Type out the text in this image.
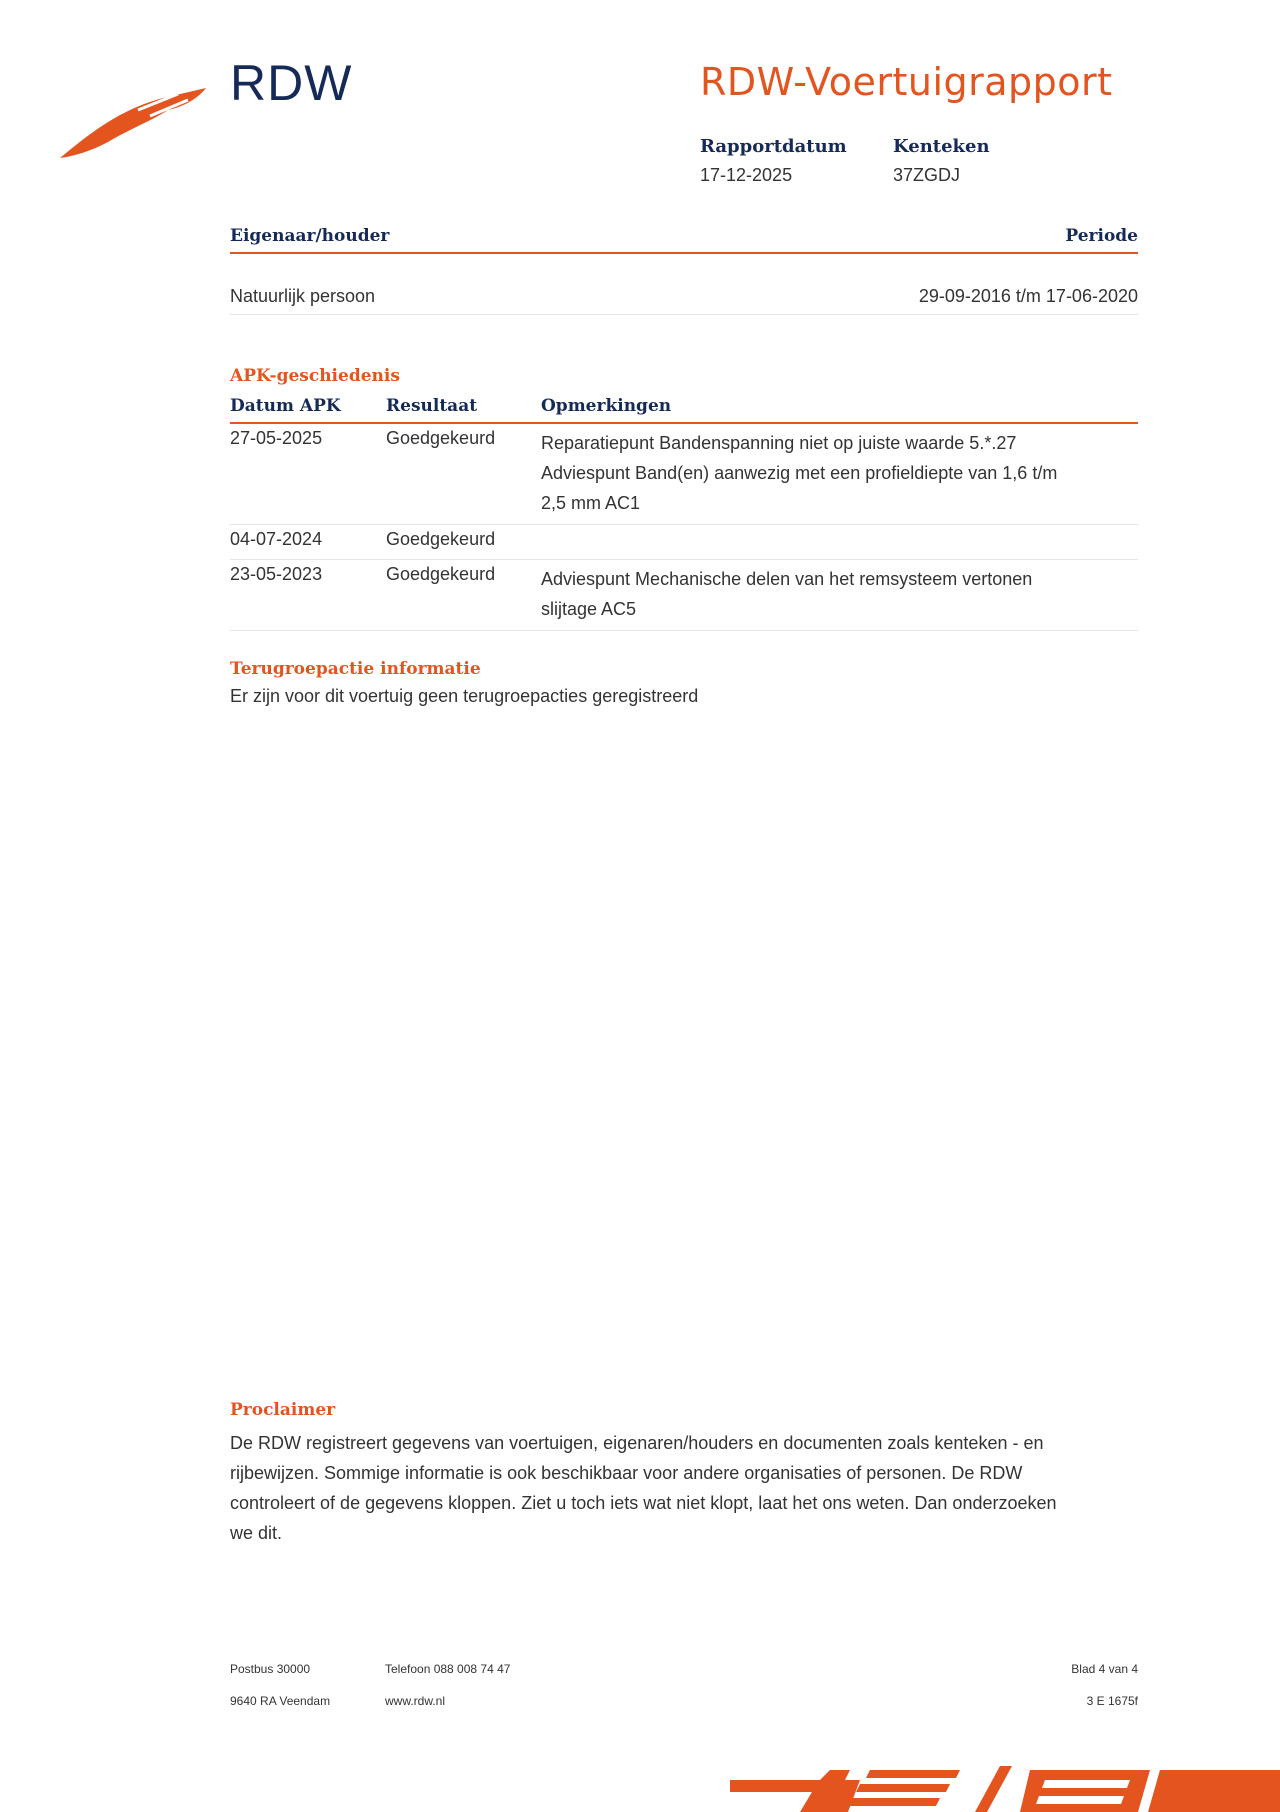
RDW	RDW-Voertuigrapport
Rapportdatum
17-12-2025
Kenteken
37ZGDJ
Eigenaar/houder	Periode
Natuurlijk persoon	29-09-2016 t/m 17-06-2020
APK-geschiedenis
Datum APK	Resultaat	Opmerkingen
27-05-2025	Goedgekeurd	Reparatiepunt Bandenspanning niet op juiste waarde 5.*.27
Adviespunt Band(en) aanwezig met een profieldiepte van 1,6 t/m
2,5 mm AC1
04-07-2024	Goedgekeurd
23-05-2023	Goedgekeurd	Adviespunt Mechanische delen van het remsysteem vertonen
slijtage AC5
Terugroepactie informatie
Er zijn voor dit voertuig geen terugroepacties geregistreerd
Proclaimer
De RDW registreert gegevens van voertuigen, eigenaren/houders en documenten zoals kenteken - en
rijbewijzen. Sommige informatie is ook beschikbaar voor andere organisaties of personen. De RDW
controleert of de gegevens kloppen. Ziet u toch iets wat niet klopt, laat het ons weten. Dan onderzoeken
we dit.
Postbus 30000
9640 RA Veendam
Telefoon 088 008 74 47
www.rdw.nl
Blad 4 van 4
3 E 1675f
